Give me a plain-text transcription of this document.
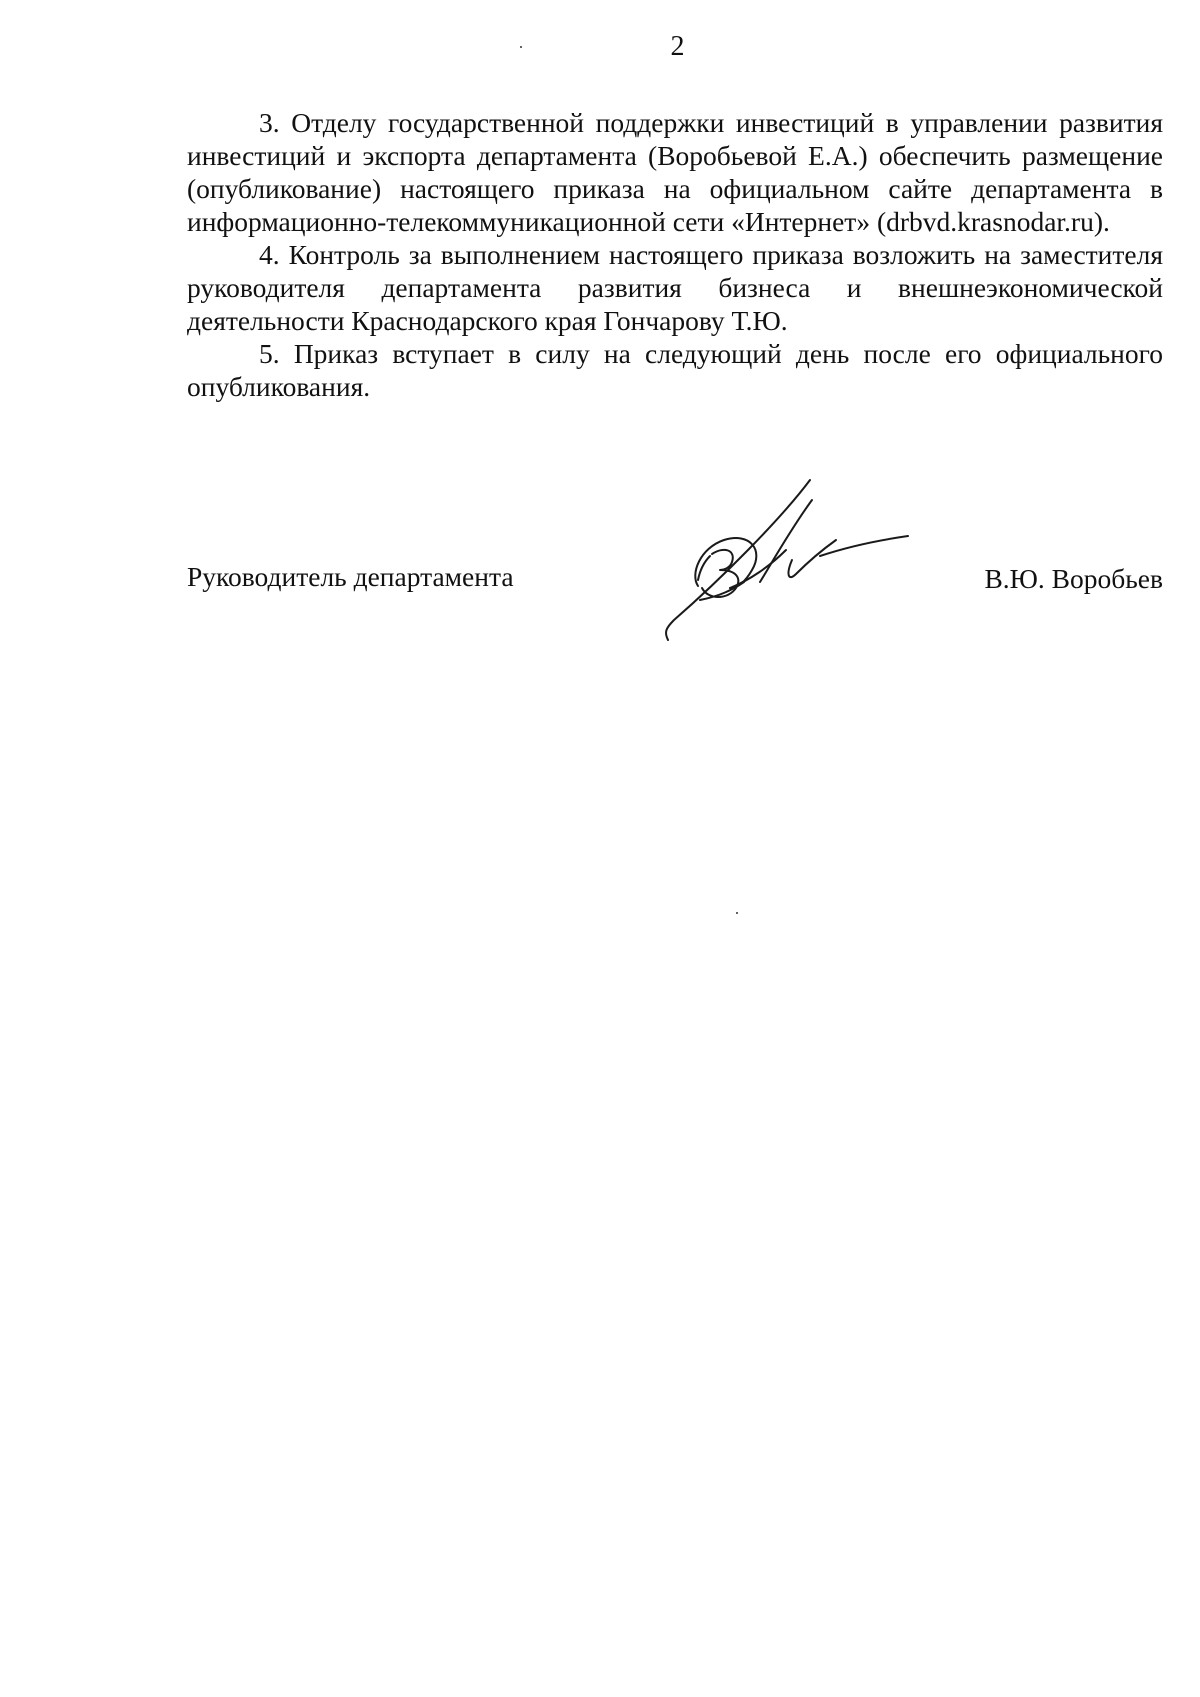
2

3. Отделу государственной поддержки инвестиций в управлении развития инвестиций и экспорта департамента (Воробьевой Е.А.) обеспечить размещение (опубликование) настоящего приказа на официальном сайте департамента в информационно-телекоммуникационной сети «Интернет» (drbvd.krasnodar.ru).

4. Контроль за выполнением настоящего приказа возложить на заместителя руководителя департамента развития бизнеса и внешнеэкономической деятельности Краснодарского края Гончарову Т.Ю.

5. Приказ вступает в силу на следующий день после его официального опубликования.

Руководитель департамента	В.Ю. Воробьев
